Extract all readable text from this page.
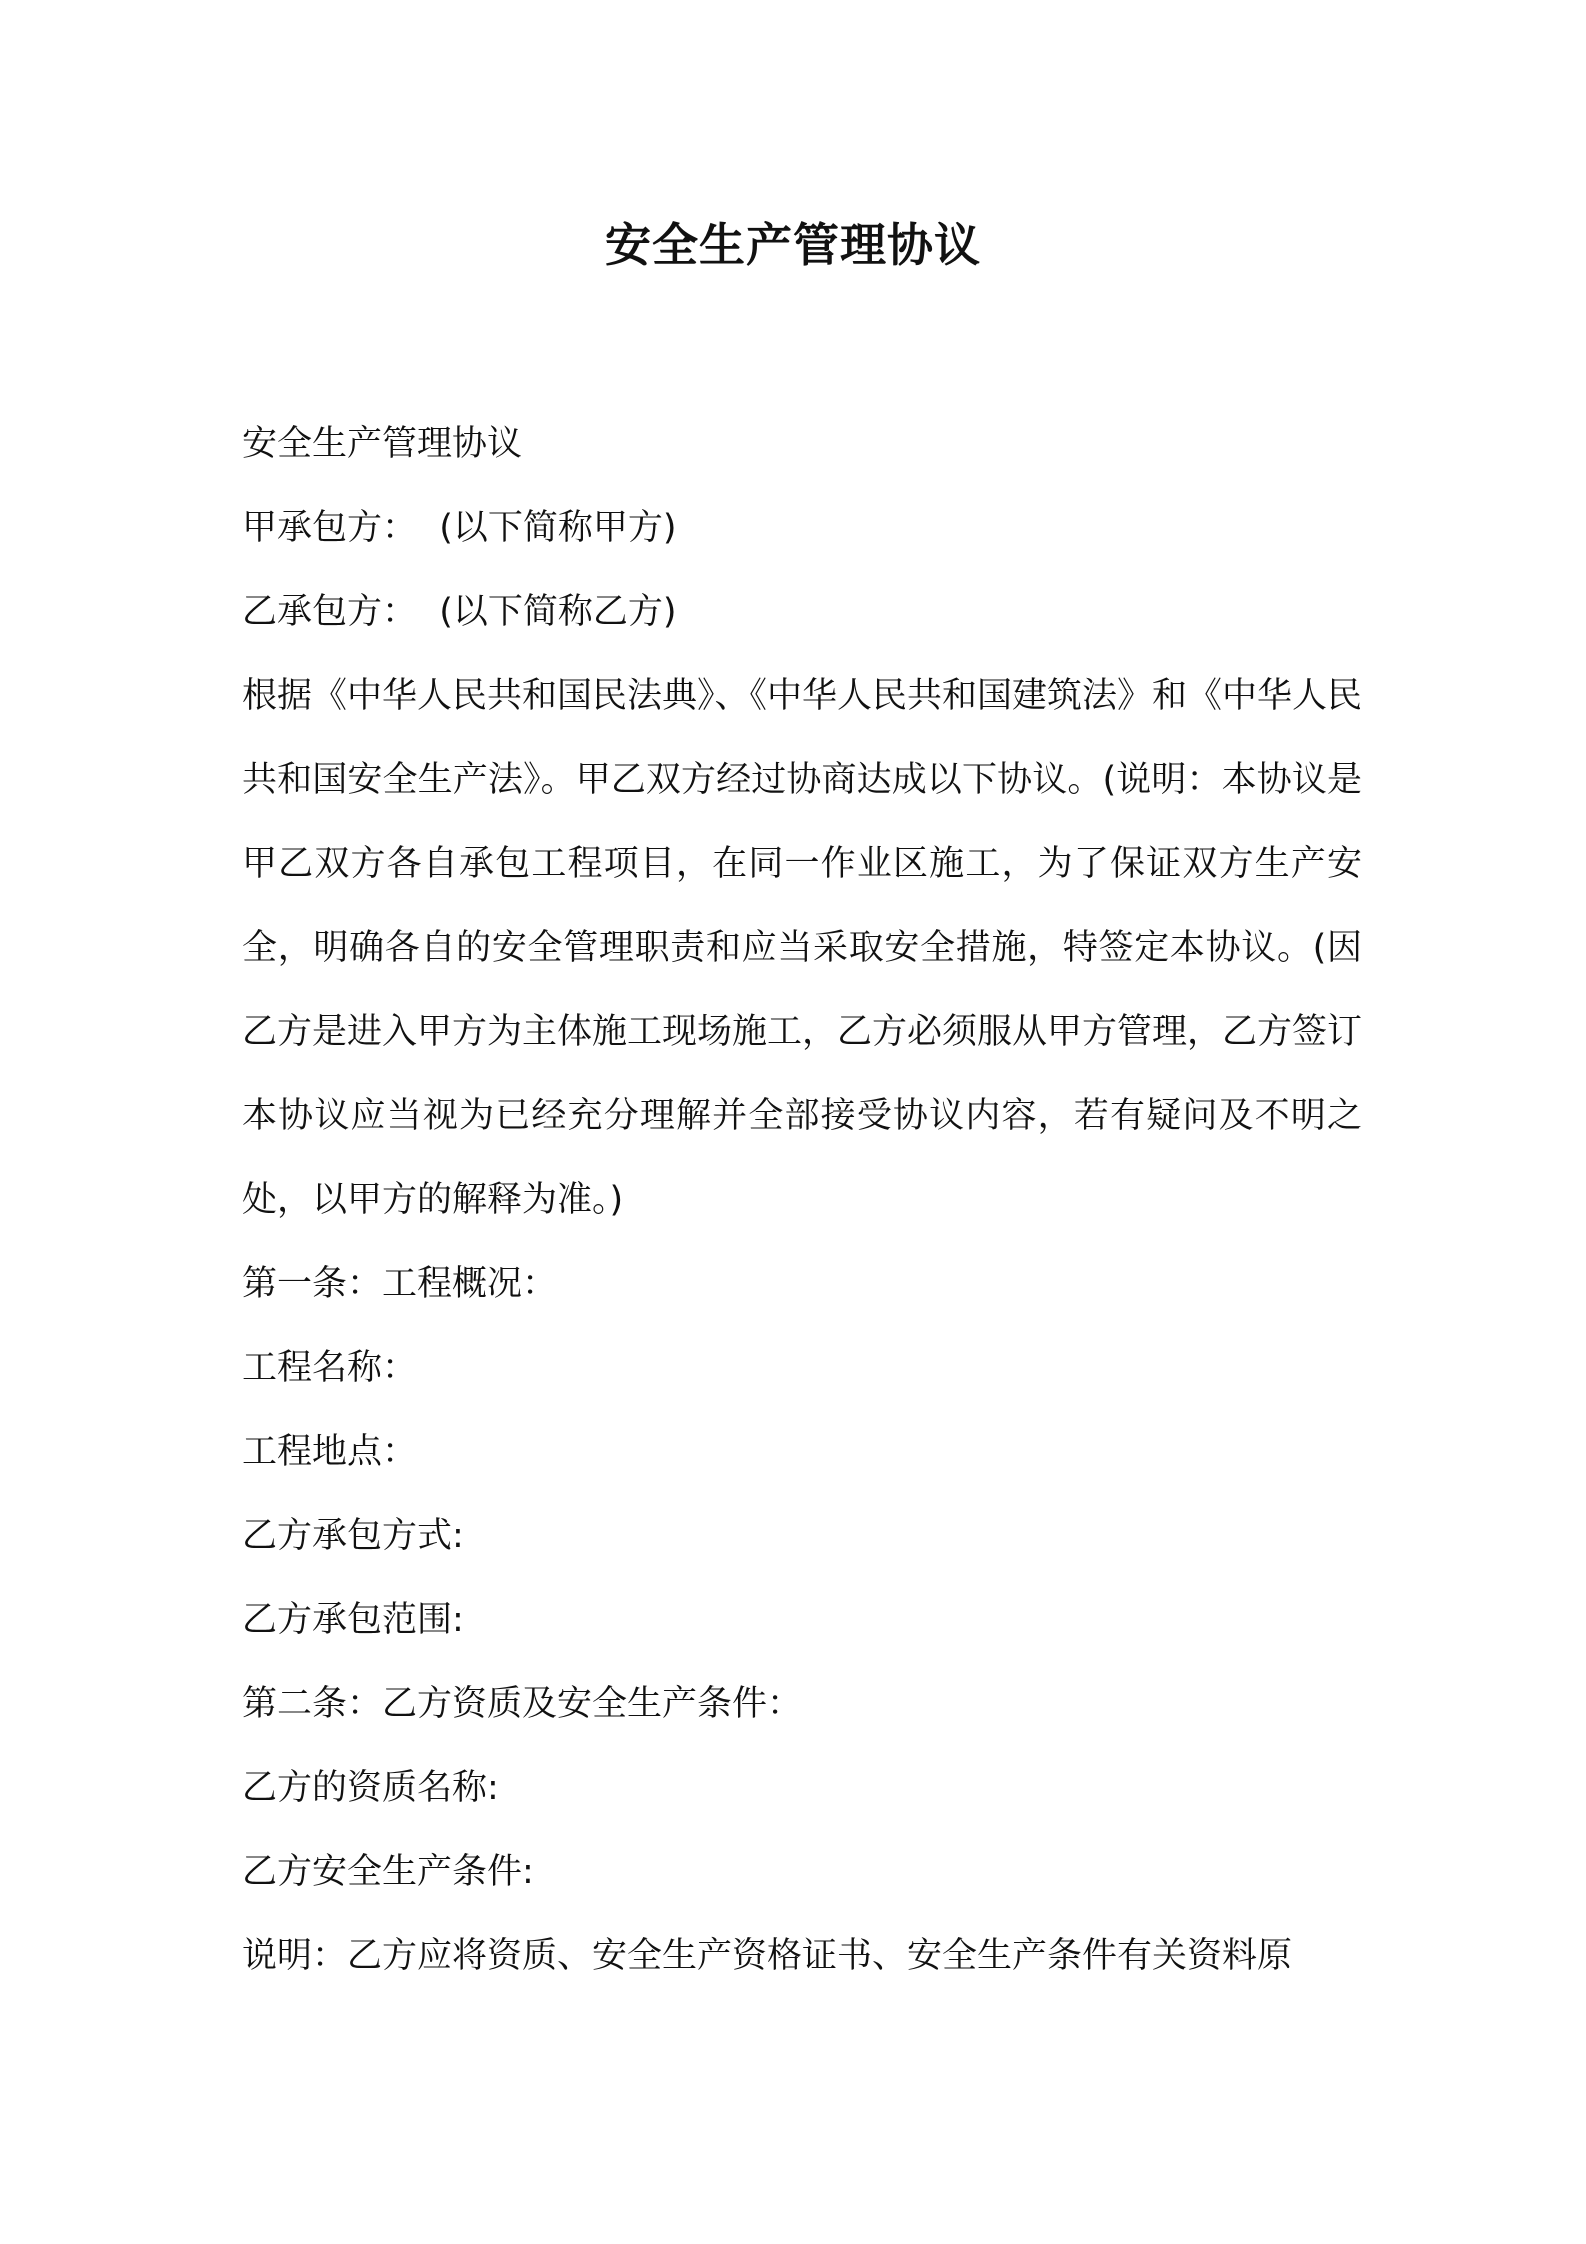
安全生产管理协议

安全生产管理协议

甲承包方：  (以下简称甲方)

乙承包方：  (以下简称乙方)

根据《中华人民共和国民法典》、《中华人民共和国建筑法》和《中华人民共和国安全生产法》。甲乙双方经过协商达成以下协议。(说明：本协议是甲乙双方各自承包工程项目，在同一作业区施工，为了保证双方生产安全，明确各自的安全管理职责和应当采取安全措施，特签定本协议。(因乙方是进入甲方为主体施工现场施工，乙方必须服从甲方管理，乙方签订本协议应当视为已经充分理解并全部接受协议内容，若有疑问及不明之处，以甲方的解释为准。)

第一条：工程概况：

工程名称：

工程地点：

乙方承包方式:

乙方承包范围:

第二条：乙方资质及安全生产条件：

乙方的资质名称:

乙方安全生产条件:

说明：乙方应将资质、安全生产资格证书、安全生产条件有关资料原
